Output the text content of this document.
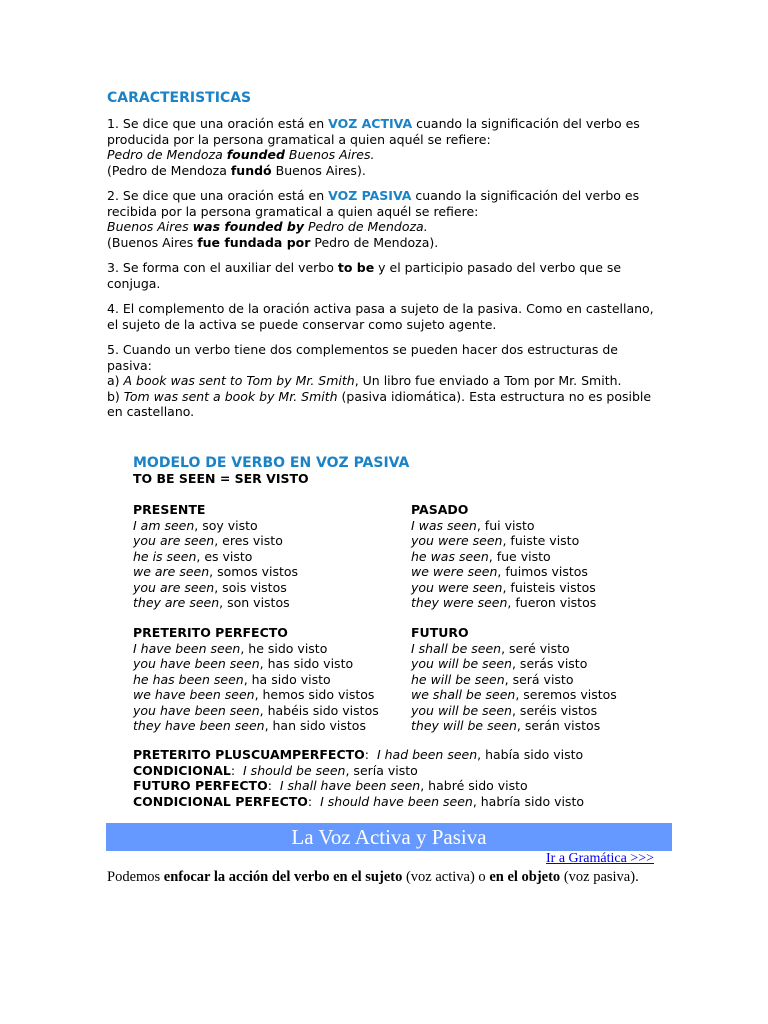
CARACTERISTICAS
1. Se dice que una oración está en VOZ ACTIVA cuando la significación del verbo es producida por la persona gramatical a quien aquél se refiere:
Pedro de Mendoza founded Buenos Aires.
(Pedro de Mendoza fundó Buenos Aires).
2. Se dice que una oración está en VOZ PASIVA cuando la significación del verbo es recibida por la persona gramatical a quien aquél se refiere:
Buenos Aires was founded by Pedro de Mendoza.
(Buenos Aires fue fundada por Pedro de Mendoza).
3. Se forma con el auxiliar del verbo to be y el participio pasado del verbo que se conjuga.
4. El complemento de la oración activa pasa a sujeto de la pasiva. Como en castellano, el sujeto de la activa se puede conservar como sujeto agente.
5. Cuando un verbo tiene dos complementos se pueden hacer dos estructuras de pasiva:
a) A book was sent to Tom by Mr. Smith, Un libro fue enviado a Tom por Mr. Smith.
b) Tom was sent a book by Mr. Smith (pasiva idiomática). Esta estructura no es posible en castellano.
MODELO DE VERBO EN VOZ PASIVA
TO BE SEEN = SER VISTO
PRESENTE
I am seen, soy visto
you are seen, eres visto
he is seen, es visto
we are seen, somos vistos
you are seen, sois vistos
they are seen, son vistos
PASADO
I was seen, fui visto
you were seen, fuiste visto
he was seen, fue visto
we were seen, fuimos vistos
you were seen, fuisteis vistos
they were seen, fueron vistos
PRETERITO PERFECTO
I have been seen, he sido visto
you have been seen, has sido visto
he has been seen, ha sido visto
we have been seen, hemos sido vistos
you have been seen, habéis sido vistos
they have been seen, han sido vistos
FUTURO
I shall be seen, seré visto
you will be seen, serás visto
he will be seen, será visto
we shall be seen, seremos vistos
you will be seen, seréis vistos
they will be seen, serán vistos
PRETERITO PLUSCUAMPERFECTO:  I had been seen, había sido visto
CONDICIONAL:  I should be seen, sería visto
FUTURO PERFECTO:  I shall have been seen, habré sido visto
CONDICIONAL PERFECTO:  I should have been seen, habría sido visto
La Voz Activa y Pasiva
Ir a Gramática >>>
Podemos enfocar la acción del verbo en el sujeto (voz activa) o en el objeto (voz pasiva).
